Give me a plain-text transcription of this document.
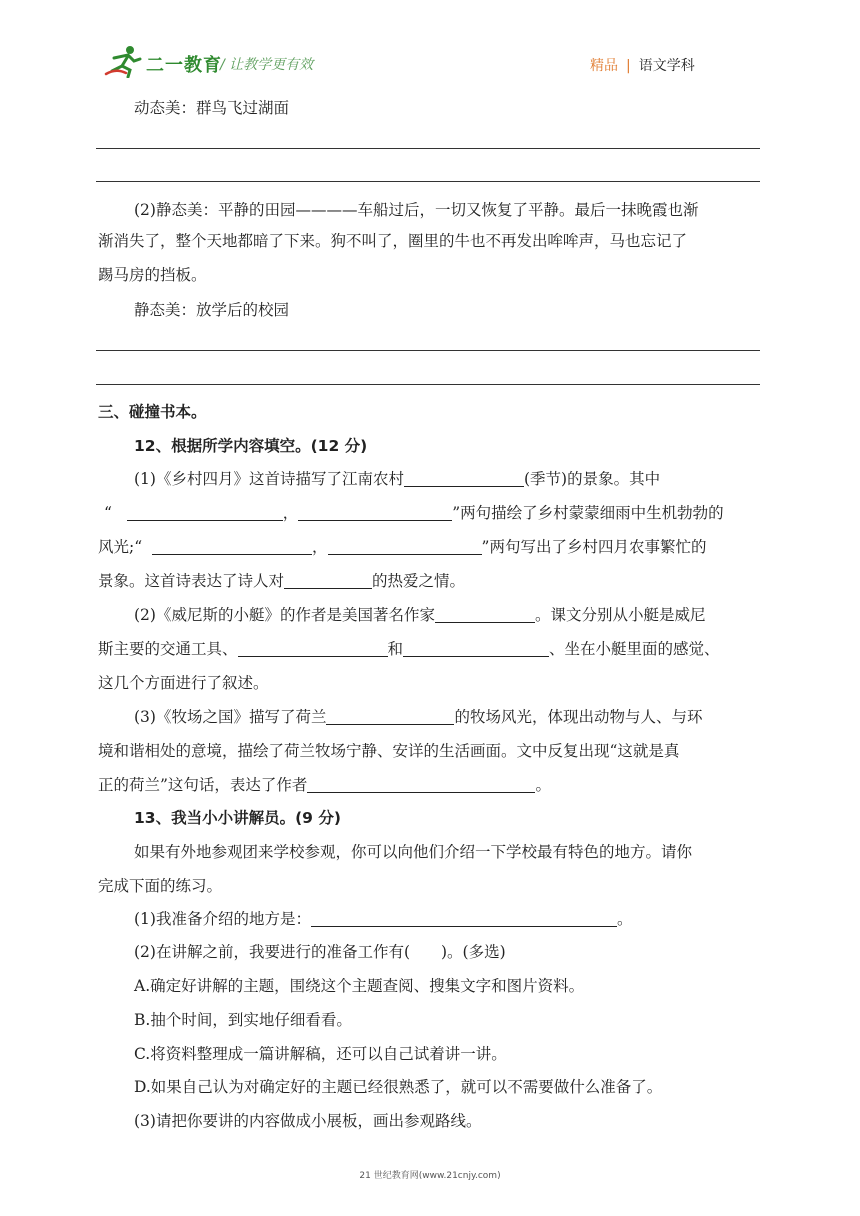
二一教育
/ 让教学更有效	精品 | 语文学科
动态美：群鸟飞过湖面
(2)静态美：平静的田园————车船过后，一切又恢复了平静。最后一抹晚霞也渐
渐消失了，整个天地都暗了下来。狗不叫了，圈里的牛也不再发出哞哞声，马也忘记了
踢马房的挡板。
静态美：放学后的校园
三、碰撞书本。
12、根据所学内容填空。(12 分)
(1)《乡村四月》这首诗描写了江南农村	(季节)的景象。其中
“	，	”两句描绘了乡村蒙蒙细雨中生机勃勃的
风光;“	，	”两句写出了乡村四月农事繁忙的
景象。这首诗表达了诗人对	的热爱之情。
(2)《威尼斯的小艇》的作者是美国著名作家	。课文分别从小艇是威尼
斯主要的交通工具、	和	、坐在小艇里面的感觉、
这几个方面进行了叙述。
(3)《牧场之国》描写了荷兰	的牧场风光，体现出动物与人、与环
境和谐相处的意境，描绘了荷兰牧场宁静、安详的生活画面。文中反复出现“这就是真
正的荷兰”这句话，表达了作者	。
13、我当小小讲解员。(9 分)
如果有外地参观团来学校参观，你可以向他们介绍一下学校最有特色的地方。请你
完成下面的练习。
(1)我准备介绍的地方是：	。
(2)在讲解之前，我要进行的准备工作有(　　)。(多选)
A.确定好讲解的主题，围绕这个主题查阅、搜集文字和图片资料。
B.抽个时间，到实地仔细看看。
C.将资料整理成一篇讲解稿，还可以自己试着讲一讲。
D.如果自己认为对确定好的主题已经很熟悉了，就可以不需要做什么准备了。
(3)请把你要讲的内容做成小展板，画出参观路线。
21 世纪教育网(www.21cnjy.com)
